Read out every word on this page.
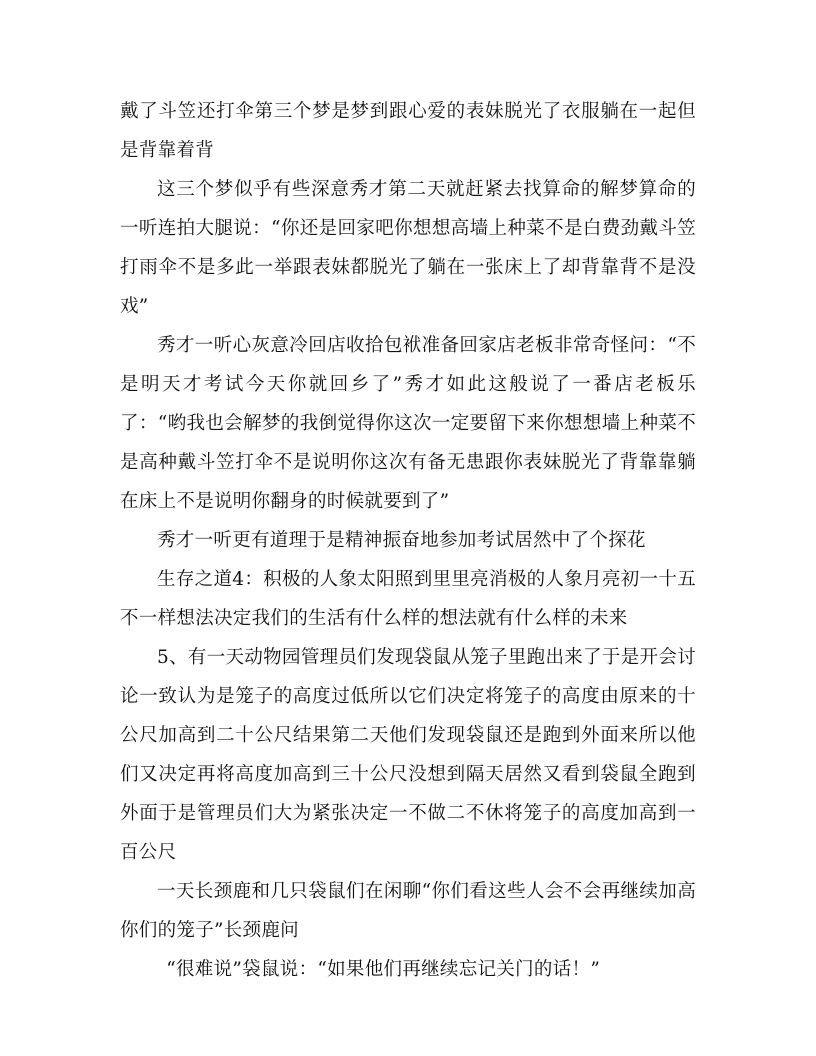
戴了斗笠还打伞第三个梦是梦到跟心爱的表妹脱光了衣服躺在一起但是背靠着背

这三个梦似乎有些深意秀才第二天就赶紧去找算命的解梦算命的一听连拍大腿说：“你还是回家吧你想想高墙上种菜不是白费劲戴斗笠打雨伞不是多此一举跟表妹都脱光了躺在一张床上了却背靠背不是没戏”

秀才一听心灰意冷回店收拾包袱准备回家店老板非常奇怪问：“不是明天才考试今天你就回乡了”秀才如此这般说了一番店老板乐了：“哟我也会解梦的我倒觉得你这次一定要留下来你想想墙上种菜不是高种戴斗笠打伞不是说明你这次有备无患跟你表妹脱光了背靠靠躺在床上不是说明你翻身的时候就要到了”

秀才一听更有道理于是精神振奋地参加考试居然中了个探花

生存之道4：积极的人象太阳照到里里亮消极的人象月亮初一十五不一样想法决定我们的生活有什么样的想法就有什么样的未来

5、有一天动物园管理员们发现袋鼠从笼子里跑出来了于是开会讨论一致认为是笼子的高度过低所以它们决定将笼子的高度由原来的十公尺加高到二十公尺结果第二天他们发现袋鼠还是跑到外面来所以他们又决定再将高度加高到三十公尺没想到隔天居然又看到袋鼠全跑到外面于是管理员们大为紧张决定一不做二不休将笼子的高度加高到一百公尺

一天长颈鹿和几只袋鼠们在闲聊“你们看这些人会不会再继续加高你们的笼子”长颈鹿问

“很难说”袋鼠说：“如果他们再继续忘记关门的话！”
